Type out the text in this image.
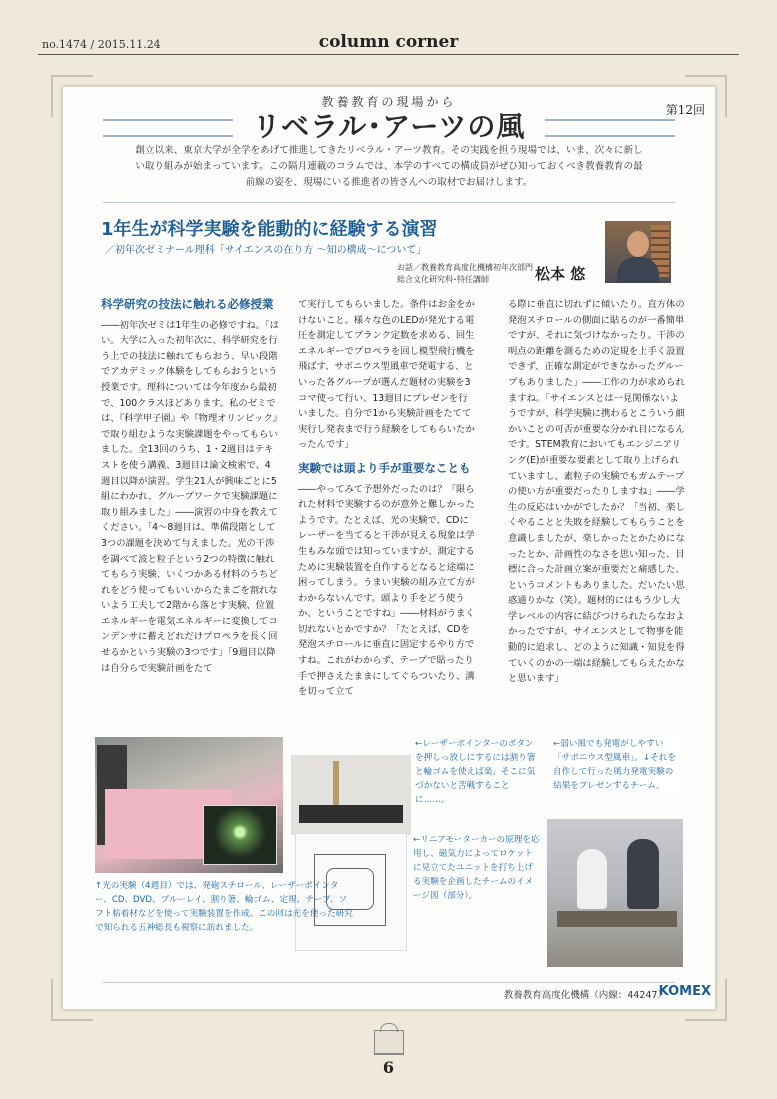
no.1474 / 2015.11.24	column corner
教養教育の現場から
リベラル･アーツの風	第12回
創立以来、東京大学が全学をあげて推進してきたリベラル・アーツ教育。その実践を担う現場では、いま、次々に新しい取り組みが始まっています。この隔月連載のコラムでは、本学のすべての構成員がぜひ知っておくべき教養教育の最前線の姿を、現場にいる推進者の皆さんへの取材でお届けします。
1年生が科学実験を能動的に経験する演習
／初年次ゼミナール理科「サイエンスの在り方 〜知の構成〜について」
お話／教養教育高度化機構初年次部門 総合文化研究科･特任講師	松本 悠
科学研究の技法に触れる必修授業

――初年次ゼミは1年生の必修ですね。「はい。大学に入った初年次に、科学研究を行う上での技法に触れてもらおう、早い段階でアカデミック体験をしてもらおうという授業です。理科については今年度から最初で、100クラスほどあります。私のゼミでは、『科学甲子園』や『物理オリンピック』で取り組むような実験課題をやってもらいました。全13回のうち、1・2週目はテキストを使う講義、3週目は論文検索で、4週目以降が演習。学生21人が興味ごとに5組にわかれ、グループワークで実験課題に取り組みました」――演習の中身を教えてください。「4〜8週目は、準備段階として3つの課題を決めて与えました。光の干渉を調べて波と粒子という2つの特徴に触れてもらう実験、いくつかある材料のうちどれをどう使ってもいいからたまごを割れないよう工夫して2階から落とす実験、位置エネルギーを電気エネルギーに変換してコンデンサに蓄えどれだけプロペラを長く回せるかという実験の3つです」「9週目以降は自分らで実験計画をたて

て実行してもらいました。条件はお金をかけないこと。様々な色のLEDが発光する電圧を測定してプランク定数を求める、回生エネルギーでプロペラを回し模型飛行機を飛ばす、サボニウス型風車で発電する、といった各グループが選んだ題材の実験を3コマ使って行い、13週目にプレゼンを行いました。自分で1から実験計画をたてて実行し発表まで行う経験をしてもらいたかったんです」

実験では頭より手が重要なことも

――やってみて予想外だったのは？「限られた材料で実験するのが意外と難しかったようです。たとえば、光の実験で、CDにレーザーを当てると干渉が見える現象は学生もみな頭では知っていますが、測定するために実験装置を自作するとなると途端に困ってしまう。うまい実験の組み立て方がわからないんです。頭より手をどう使うか、ということですね」――材料がうまく切れないとかですか？「たとえば、CDを発泡スチロールに垂直に固定するやり方ですね。これがわからず、テープで貼ったり手で押さえたままにしてぐらついたり、溝を切って立て

る際に垂直に切れずに傾いたり。直方体の発泡スチロールの側面に貼るのが一番簡単ですが、それに気づけなかったり。干渉の明点の距離を測るための定規を上手く設置できず、正確な測定ができなかったグループもありました」――工作の力が求められますね。「サイエンスとは一見関係ないようですが、科学実験に携わるとこういう細かいことの可否が重要な分かれ目になるんです。STEM教育においてもエンジニアリング(E)が重要な要素として取り上げられていますし、素粒子の実験でもガムテープの使い方が重要だったりしますね」――学生の反応はいかがでしたか？「当初、楽しくやることと失敗を経験してもらうことを意識しましたが、楽しかったとかためになったとか、計画性のなさを思い知った、目標に合った計画立案が重要だと痛感した、というコメントもありました。だいたい思惑通りかな（笑）。題材的にはもう少し大学レベルの内容に結びつけられたらなおよかったですが、サイエンスとして物事を能動的に追求し、どのように知識・知見を得ていくのかの一端は経験してもらえたかなと思います」

↑光の実験（4週目）では、発砲スチロール、レーザーポインター、CD、DVD、ブルーレイ、割り箸、輪ゴム、定規、テープ、ソフト粘着材などを使って実験装置を作成。この回は光を使った研究で知られる五神総長も視察に訪れました。
←レーザーポインターのボタンを押しっ放しにするには割り箸と輪ゴムを使えば楽。そこに気づかないと苦戦することに……。
←リニアモーターカーの原理を応用し、磁気力によってロケットに見立てたユニットを打ち上げる実験を企画したチームのイメージ図（部分）。
←弱い風でも発電がしやすい「サボニウス型風車」。↓それを自作して行った風力発電実験の結果をプレゼンするチーム。
教養教育高度化機構（内線：44247）
KOMEX
6
